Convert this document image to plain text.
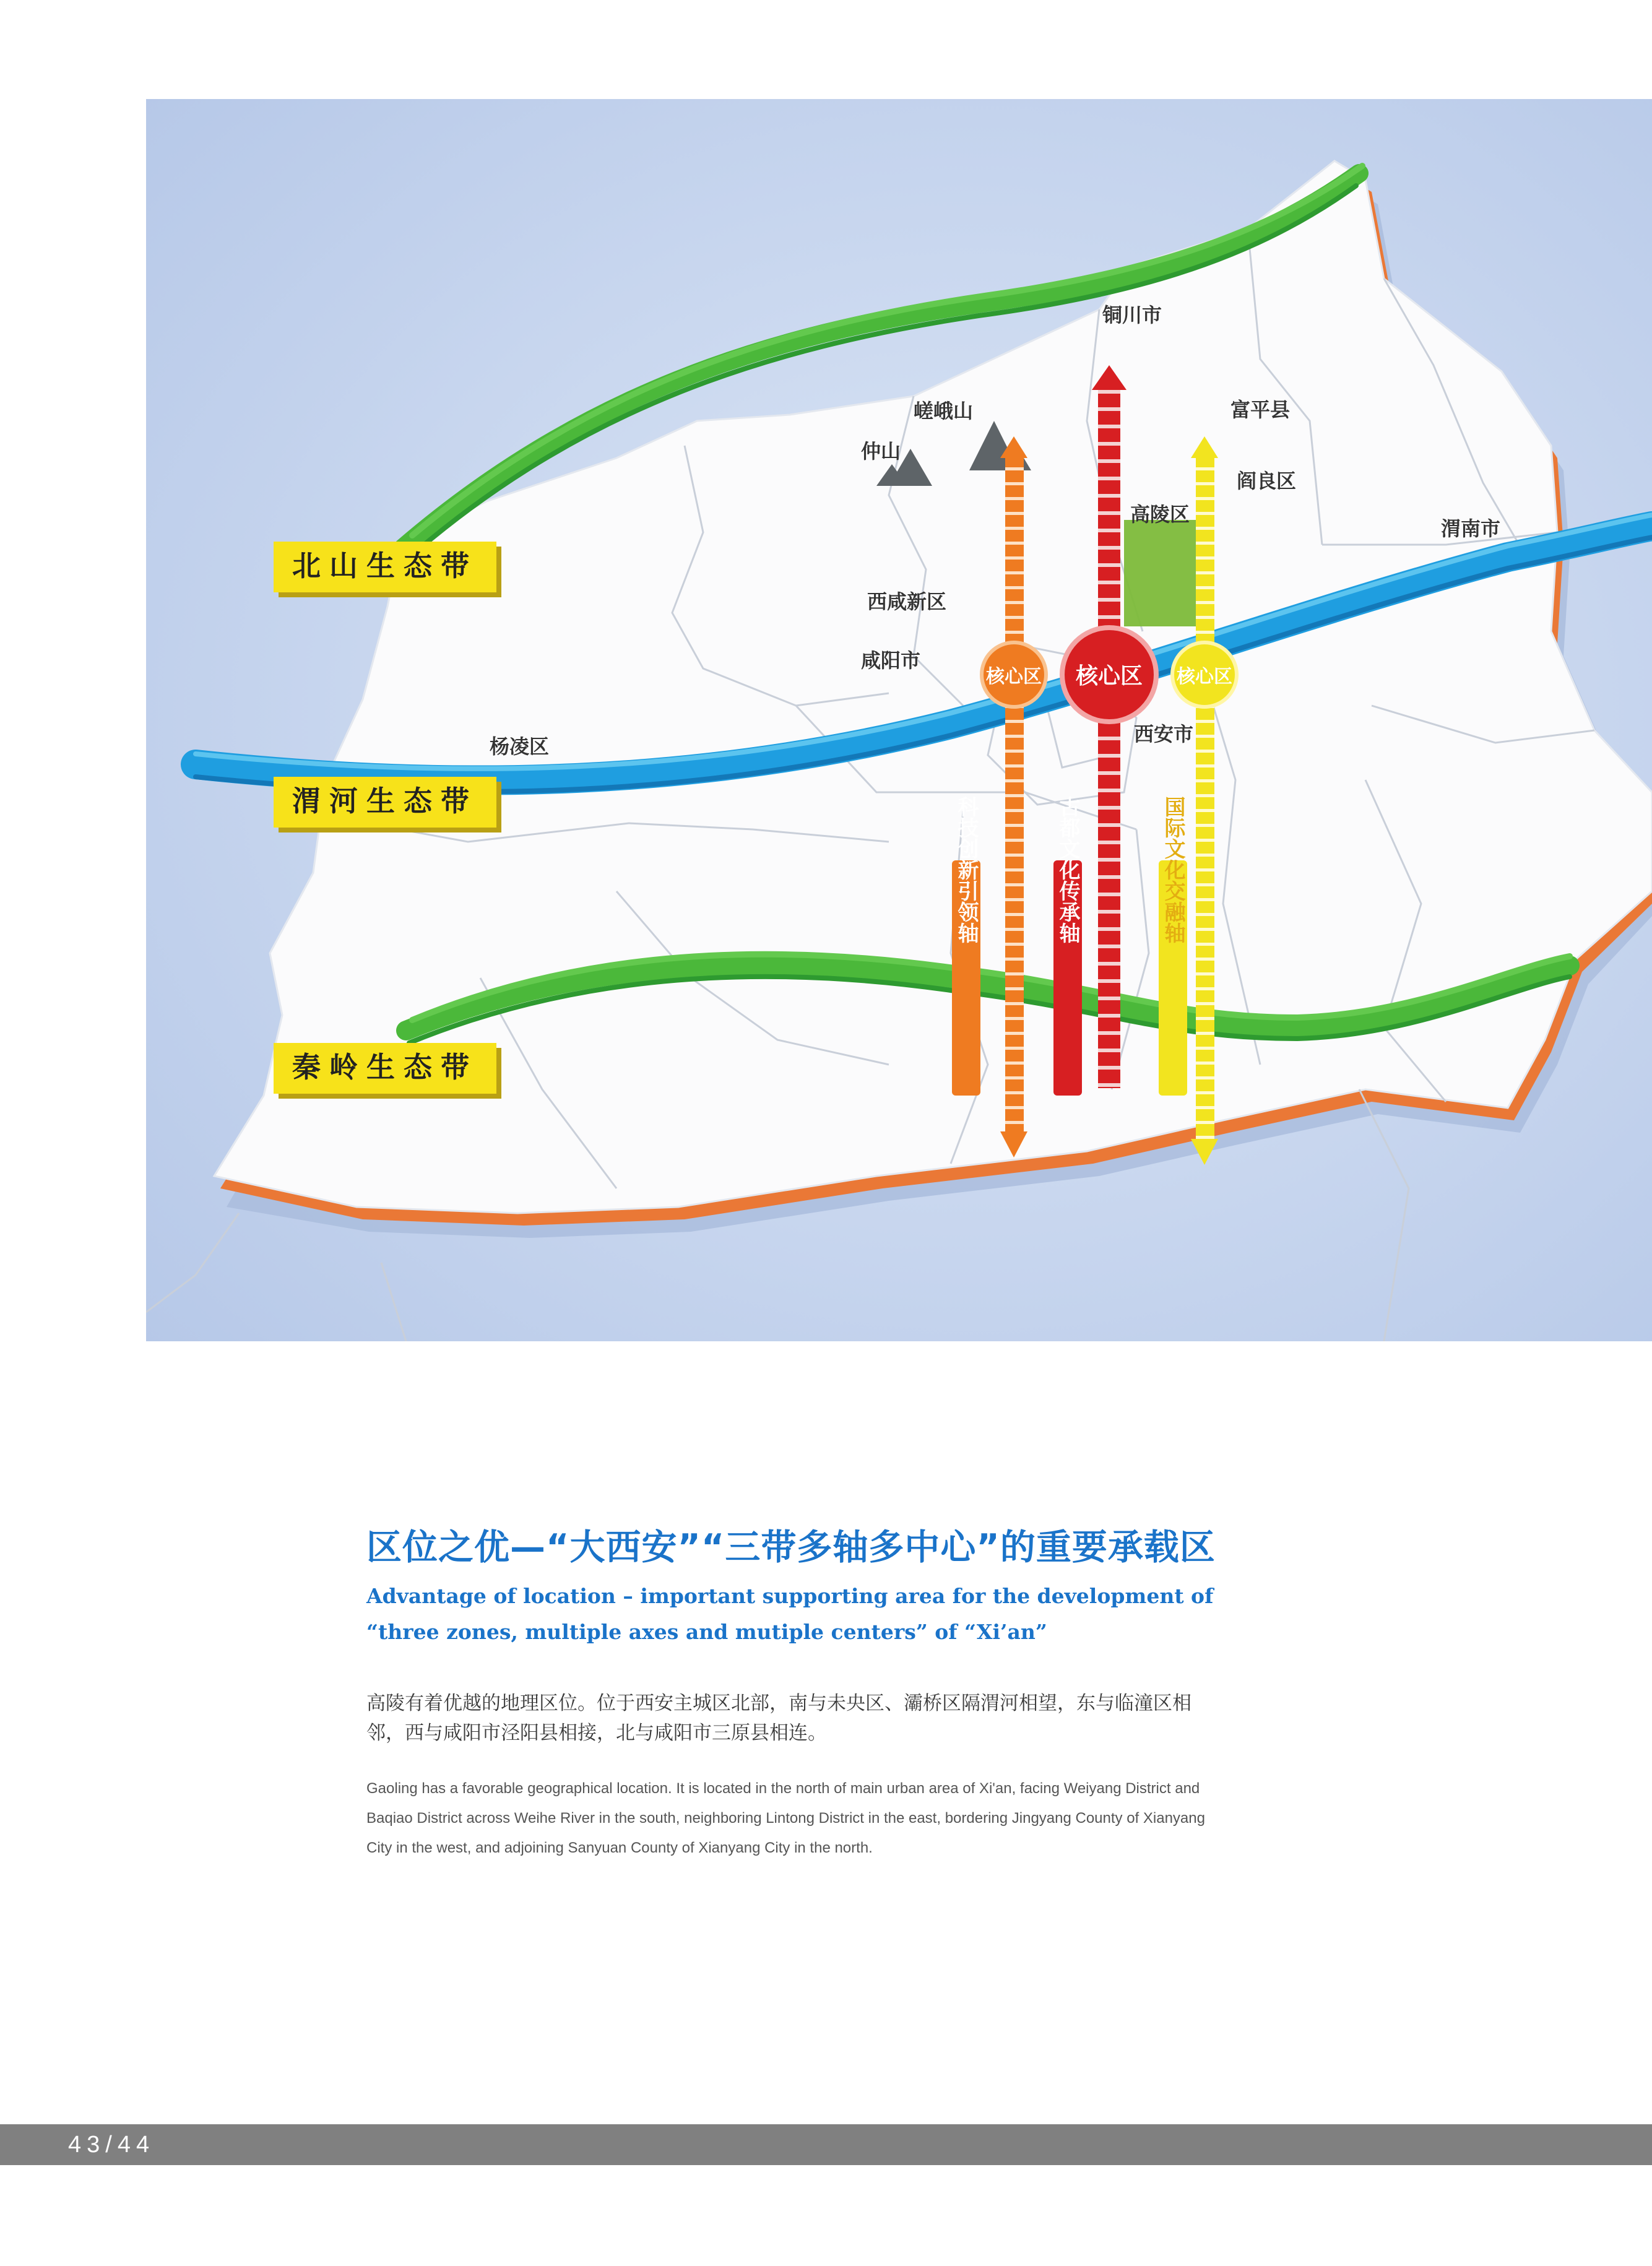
核心区 核心区 核心区
科技创新引领轴	古都文化传承轴	国际文化交融轴
铜川市
嵯峨山
仲山
富平县
阎良区
高陵区
渭南市
西咸新区
咸阳市
西安市
杨凌区
北山生态带
渭河生态带
秦岭生态带
区位之优—“大西安”“三带多轴多中心”的重要承载区

Advantage of location – important supporting area for the development of “three zones, multiple axes and mutiple centers” of “Xi’an”

高陵有着优越的地理区位。位于西安主城区北部，南与未央区、灞桥区隔渭河相望，东与临潼区相邻，西与咸阳市泾阳县相接，北与咸阳市三原县相连。

Gaoling has a favorable geographical location. It is located in the north of main urban area of Xi'an, facing Weiyang District and Baqiao District across Weihe River in the south, neighboring Lintong District in the east, bordering Jingyang County of Xianyang City in the west, and adjoining Sanyuan County of Xianyang City in the north.

43/44
